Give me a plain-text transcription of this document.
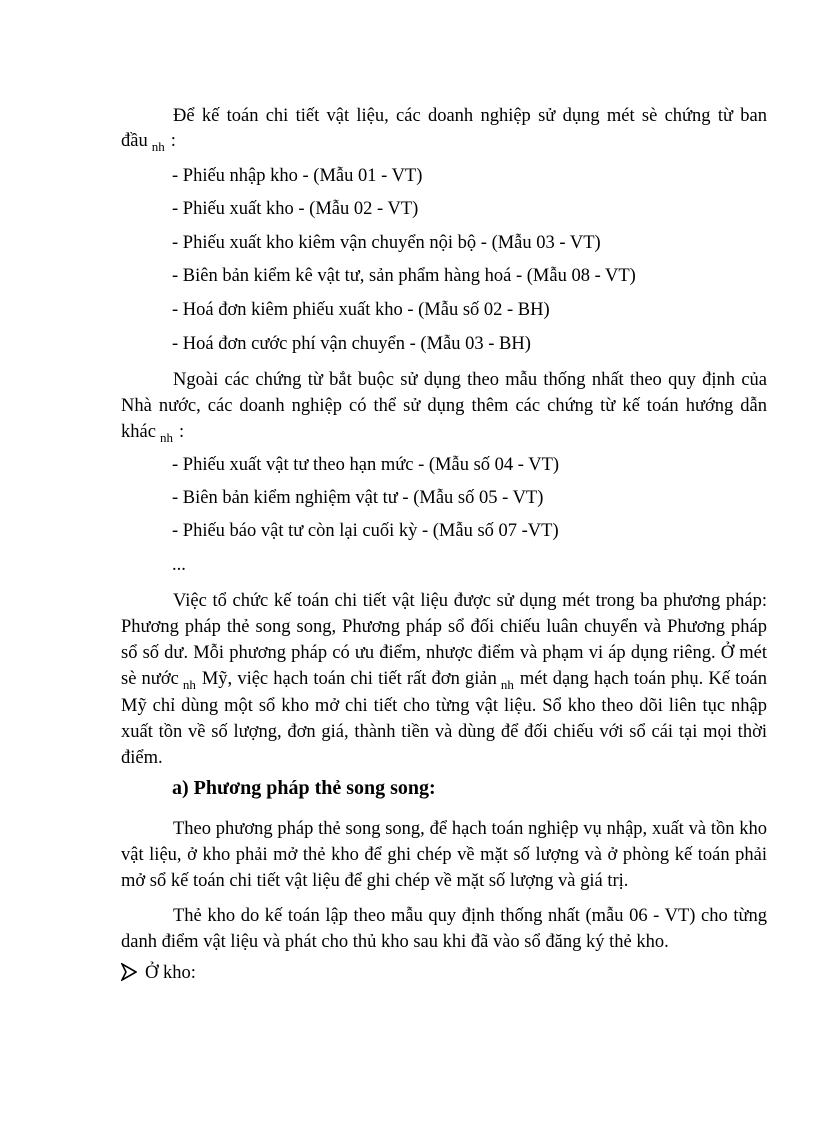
Để kế toán chi tiết vật liệu, các doanh nghiệp sử dụng mét sè chứng từ ban đầu $_{nh}$ :

- Phiếu nhập kho - (Mẫu 01 - VT)

- Phiếu xuất kho - (Mẫu 02 - VT)

- Phiếu xuất kho kiêm vận chuyển nội bộ - (Mẫu 03 - VT)

- Biên bản kiểm kê vật tư, sản phẩm hàng hoá - (Mẫu 08 - VT)

- Hoá đơn kiêm phiếu xuất kho - (Mẫu số 02 - BH)

- Hoá đơn cước phí vận chuyển - (Mẫu 03 - BH)

Ngoài các chứng từ bắt buộc sử dụng theo mẫu thống nhất theo quy định của Nhà nước, các doanh nghiệp có thể sử dụng thêm các chứng từ kế toán hướng dẫn khác $_{nh}$ :

- Phiếu xuất vật tư theo hạn mức - (Mẫu số 04 - VT)

- Biên bản kiểm nghiệm vật tư - (Mẫu số 05 - VT)

- Phiếu báo vật tư còn lại cuối kỳ - (Mẫu số 07 -VT)

...

Việc tổ chức kế toán chi tiết vật liệu được sử dụng mét trong ba phương pháp: Phương pháp thẻ song song, Phương pháp sổ đối chiếu luân chuyển và Phương pháp sổ số dư. Mỗi phương pháp có ưu điểm, nhược điểm và phạm vi áp dụng riêng. Ở mét sè nước $_{nh}$ Mỹ, việc hạch toán chi tiết rất đơn giản $_{nh}$ mét dạng hạch toán phụ. Kế toán Mỹ chỉ dùng một sổ kho mở chi tiết cho từng vật liệu. Sổ kho theo dõi liên tục nhập xuất tồn về số lượng, đơn giá, thành tiền và dùng để đối chiếu với sổ cái tại mọi thời điểm.

a) Phương pháp thẻ song song:

Theo phương pháp thẻ song song, để hạch toán nghiệp vụ nhập, xuất và tồn kho vật liệu, ở kho phải mở thẻ kho để ghi chép về mặt số lượng và ở phòng kế toán phải mở sổ kế toán chi tiết vật liệu để ghi chép về mặt số lượng và giá trị.

Thẻ kho do kế toán lập theo mẫu quy định thống nhất (mẫu 06 - VT) cho từng danh điểm vật liệu và phát cho thủ kho sau khi đã vào sổ đăng ký thẻ kho.

Ở kho:
